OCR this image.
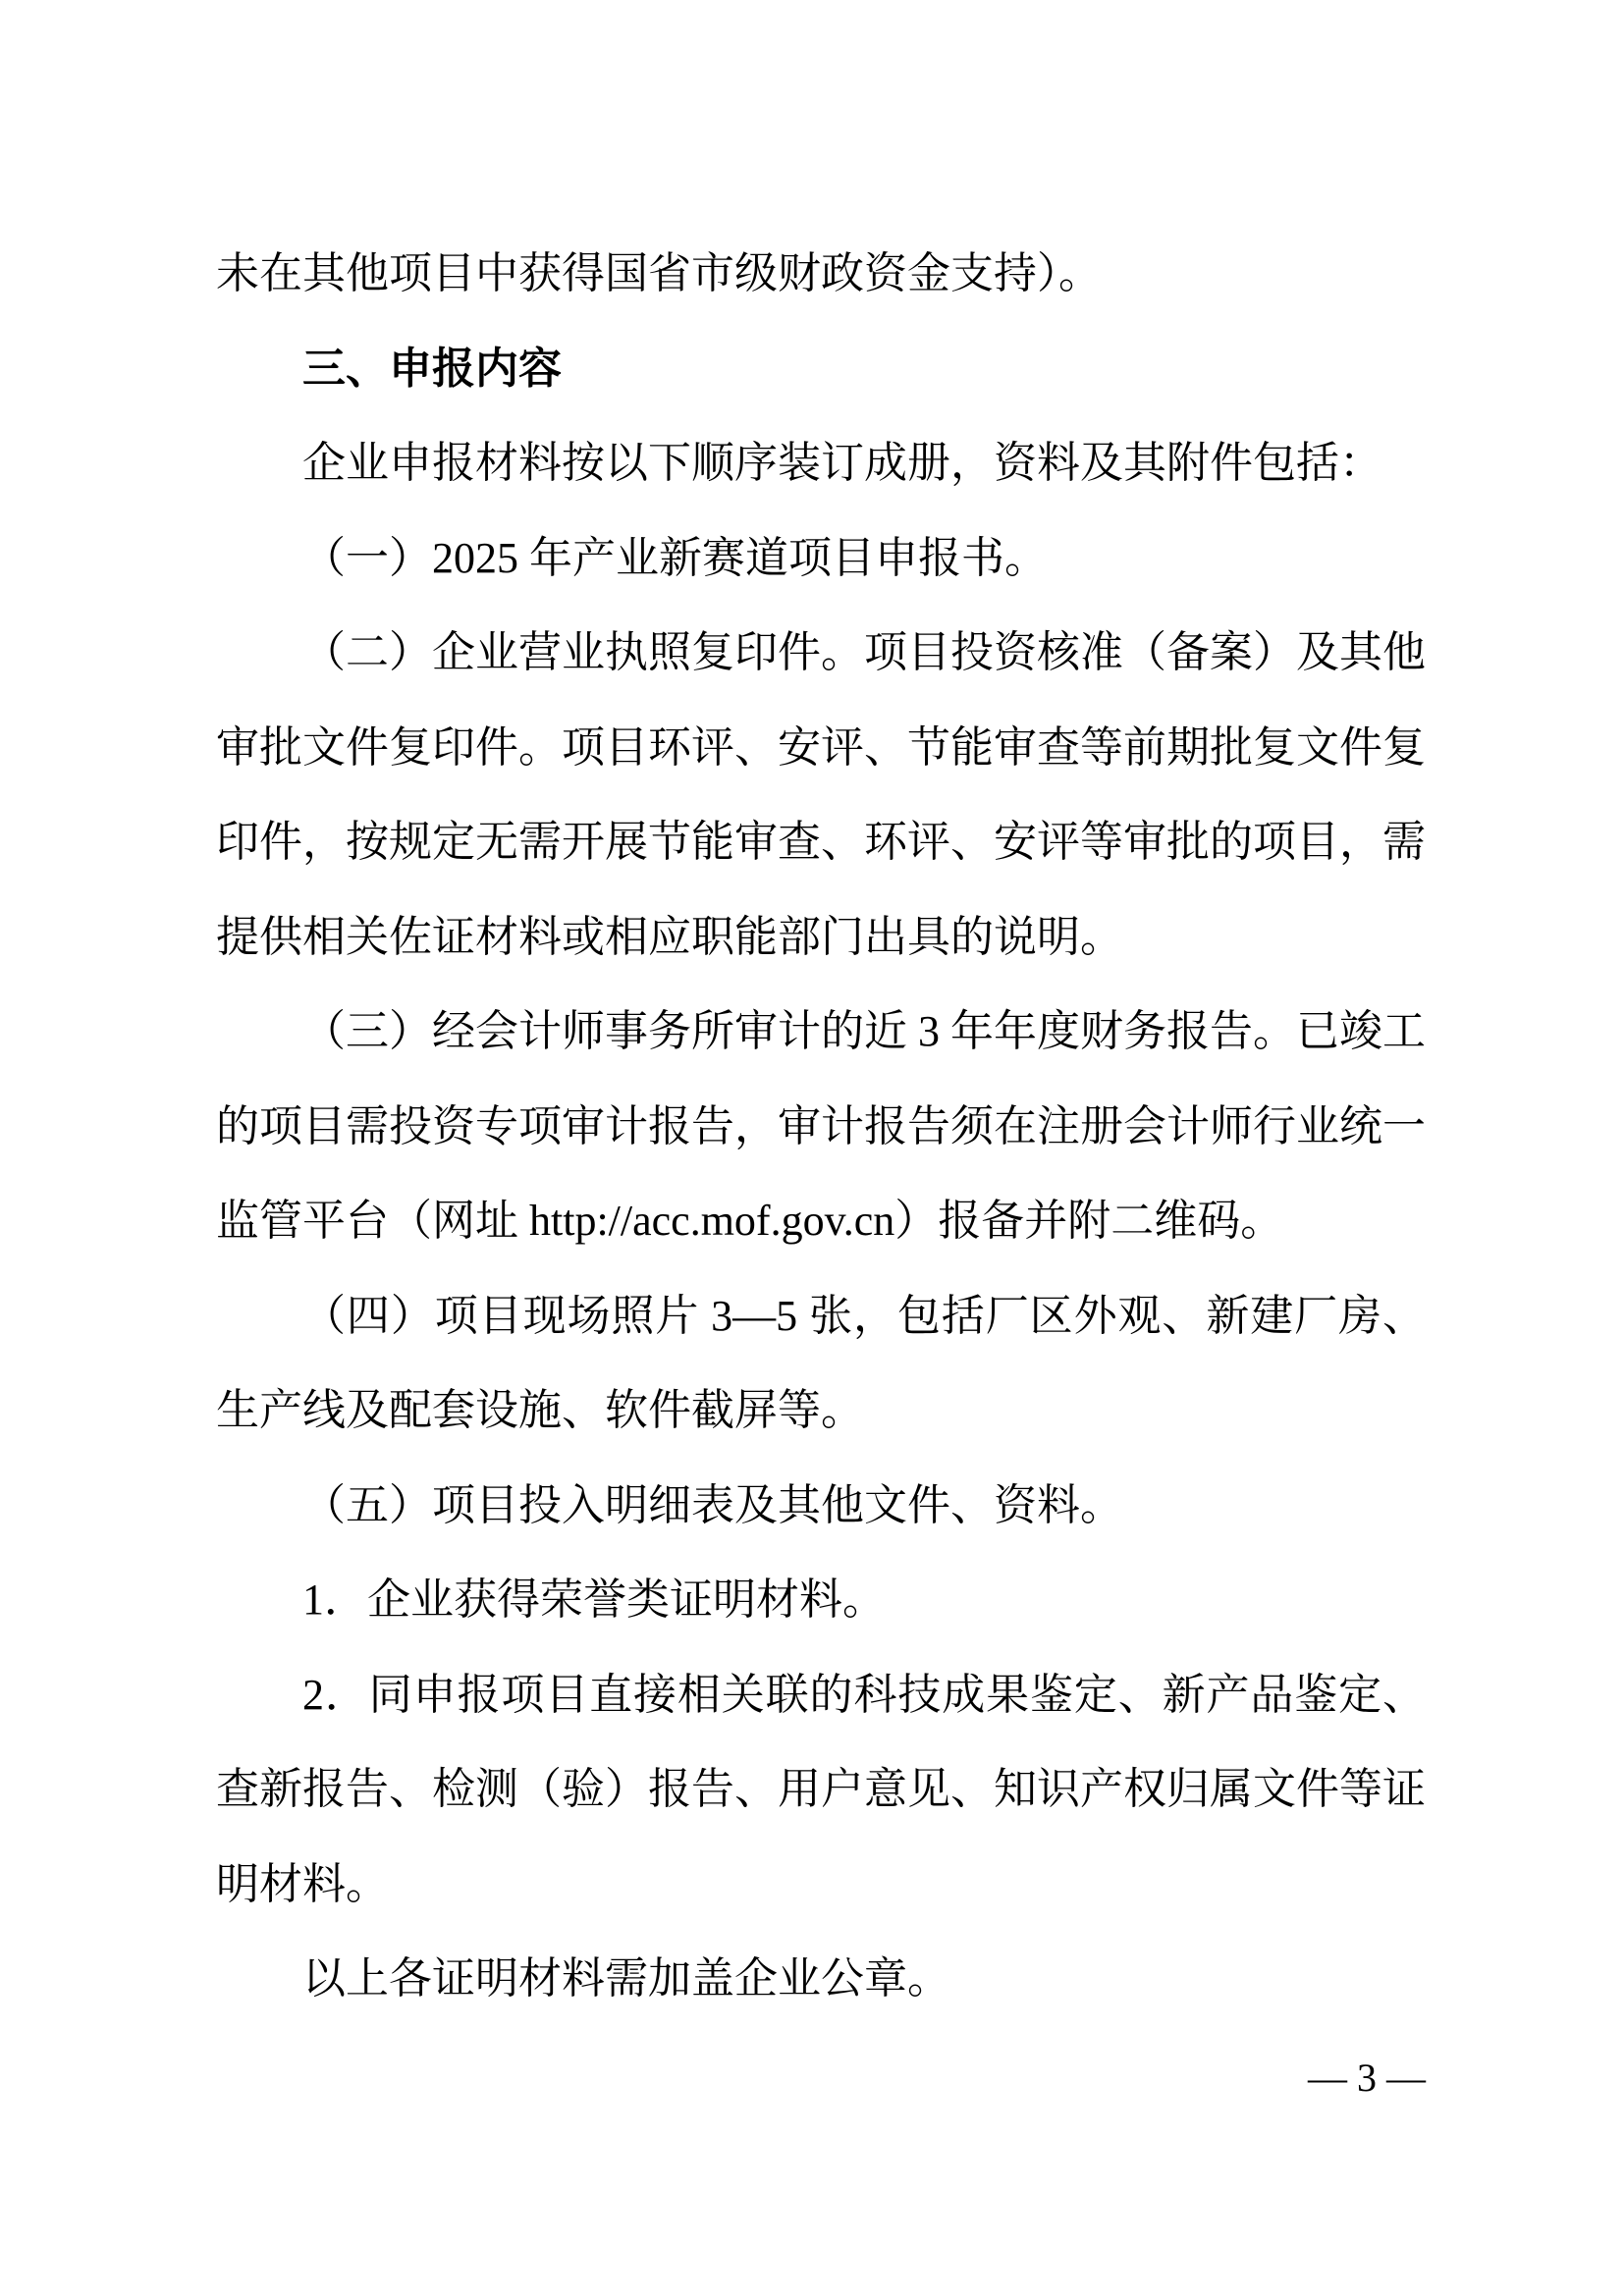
未在其他项目中获得国省市级财政资金支持）。
三、申报内容
企业申报材料按以下顺序装订成册，资料及其附件包括：
（一）2025 年产业新赛道项目申报书。
（二）企业营业执照复印件。项目投资核准（备案）及其他
审批文件复印件。项目环评、安评、节能审查等前期批复文件复
印件，按规定无需开展节能审查、环评、安评等审批的项目，需
提供相关佐证材料或相应职能部门出具的说明。
（三）经会计师事务所审计的近 3 年年度财务报告。已竣工
的项目需投资专项审计报告，审计报告须在注册会计师行业统一
监管平台（网址 http://acc.mof.gov.cn）报备并附二维码。
（四）项目现场照片 3—5 张，包括厂区外观、新建厂房、
生产线及配套设施、软件截屏等。
（五）项目投入明细表及其他文件、资料。
1．企业获得荣誉类证明材料。
2．同申报项目直接相关联的科技成果鉴定、新产品鉴定、
查新报告、检测（验）报告、用户意见、知识产权归属文件等证
明材料。
以上各证明材料需加盖企业公章。
— 3 —
